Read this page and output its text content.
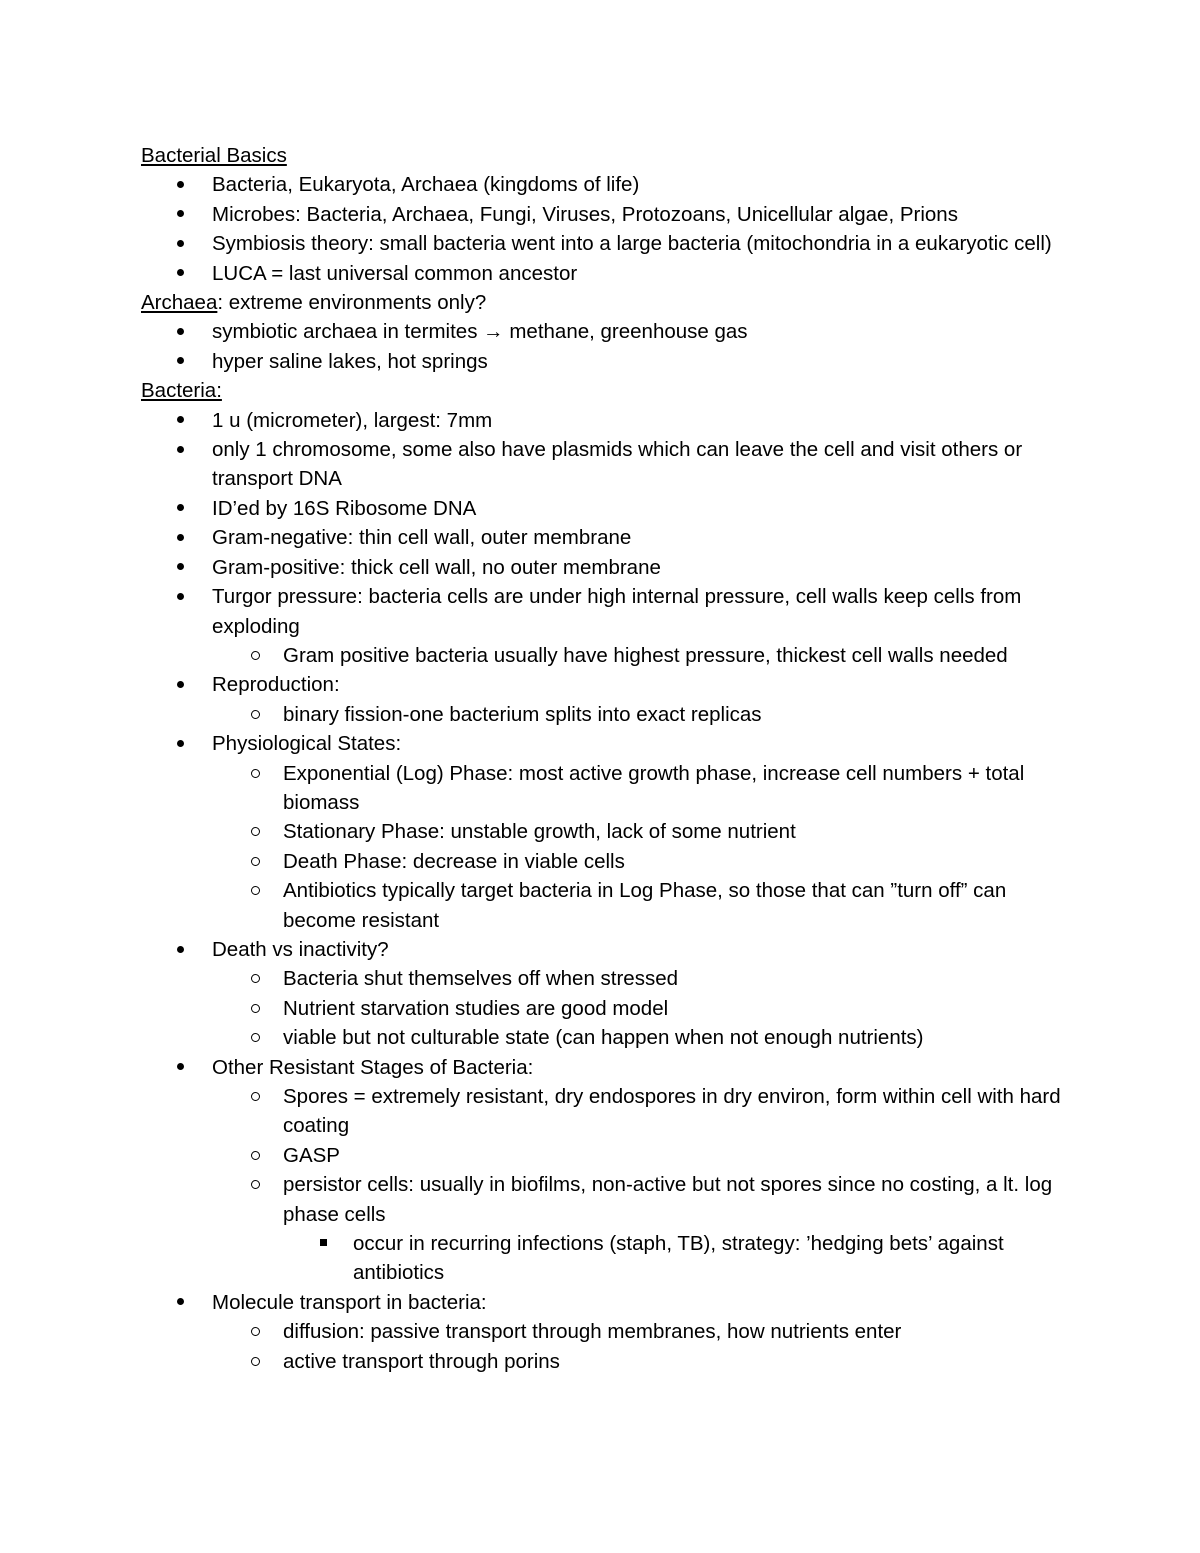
Bacterial Basics
Bacteria, Eukaryota, Archaea (kingdoms of life)
Microbes: Bacteria, Archaea, Fungi, Viruses, Protozoans, Unicellular algae, Prions
Symbiosis theory: small bacteria went into a large bacteria (mitochondria in a eukaryotic cell)
LUCA = last universal common ancestor
Archaea: extreme environments only?
symbiotic archaea in termites → methane, greenhouse gas
hyper saline lakes, hot springs
Bacteria:
1 u (micrometer), largest: 7mm
only 1 chromosome, some also have plasmids which can leave the cell and visit others or transport DNA
ID’ed by 16S Ribosome DNA
Gram-negative: thin cell wall, outer membrane
Gram-positive: thick cell wall, no outer membrane
Turgor pressure: bacteria cells are under high internal pressure, cell walls keep cells from exploding
Gram positive bacteria usually have highest pressure, thickest cell walls needed
Reproduction:
binary fission-one bacterium splits into exact replicas
Physiological States:
Exponential (Log) Phase: most active growth phase, increase cell numbers + total biomass
Stationary Phase: unstable growth, lack of some nutrient
Death Phase: decrease in viable cells
Antibiotics typically target bacteria in Log Phase, so those that can ”turn off” can become resistant
Death vs inactivity?
Bacteria shut themselves off when stressed
Nutrient starvation studies are good model
viable but not culturable state (can happen when not enough nutrients)
Other Resistant Stages of Bacteria:
Spores = extremely resistant, dry endospores in dry environ, form within cell with hard coating
GASP
persistor cells: usually in biofilms, non-active but not spores since no costing, a lt. log phase cells
occur in recurring infections (staph, TB), strategy: ’hedging bets’ against antibiotics
Molecule transport in bacteria:
diffusion: passive transport through membranes, how nutrients enter
active transport through porins
